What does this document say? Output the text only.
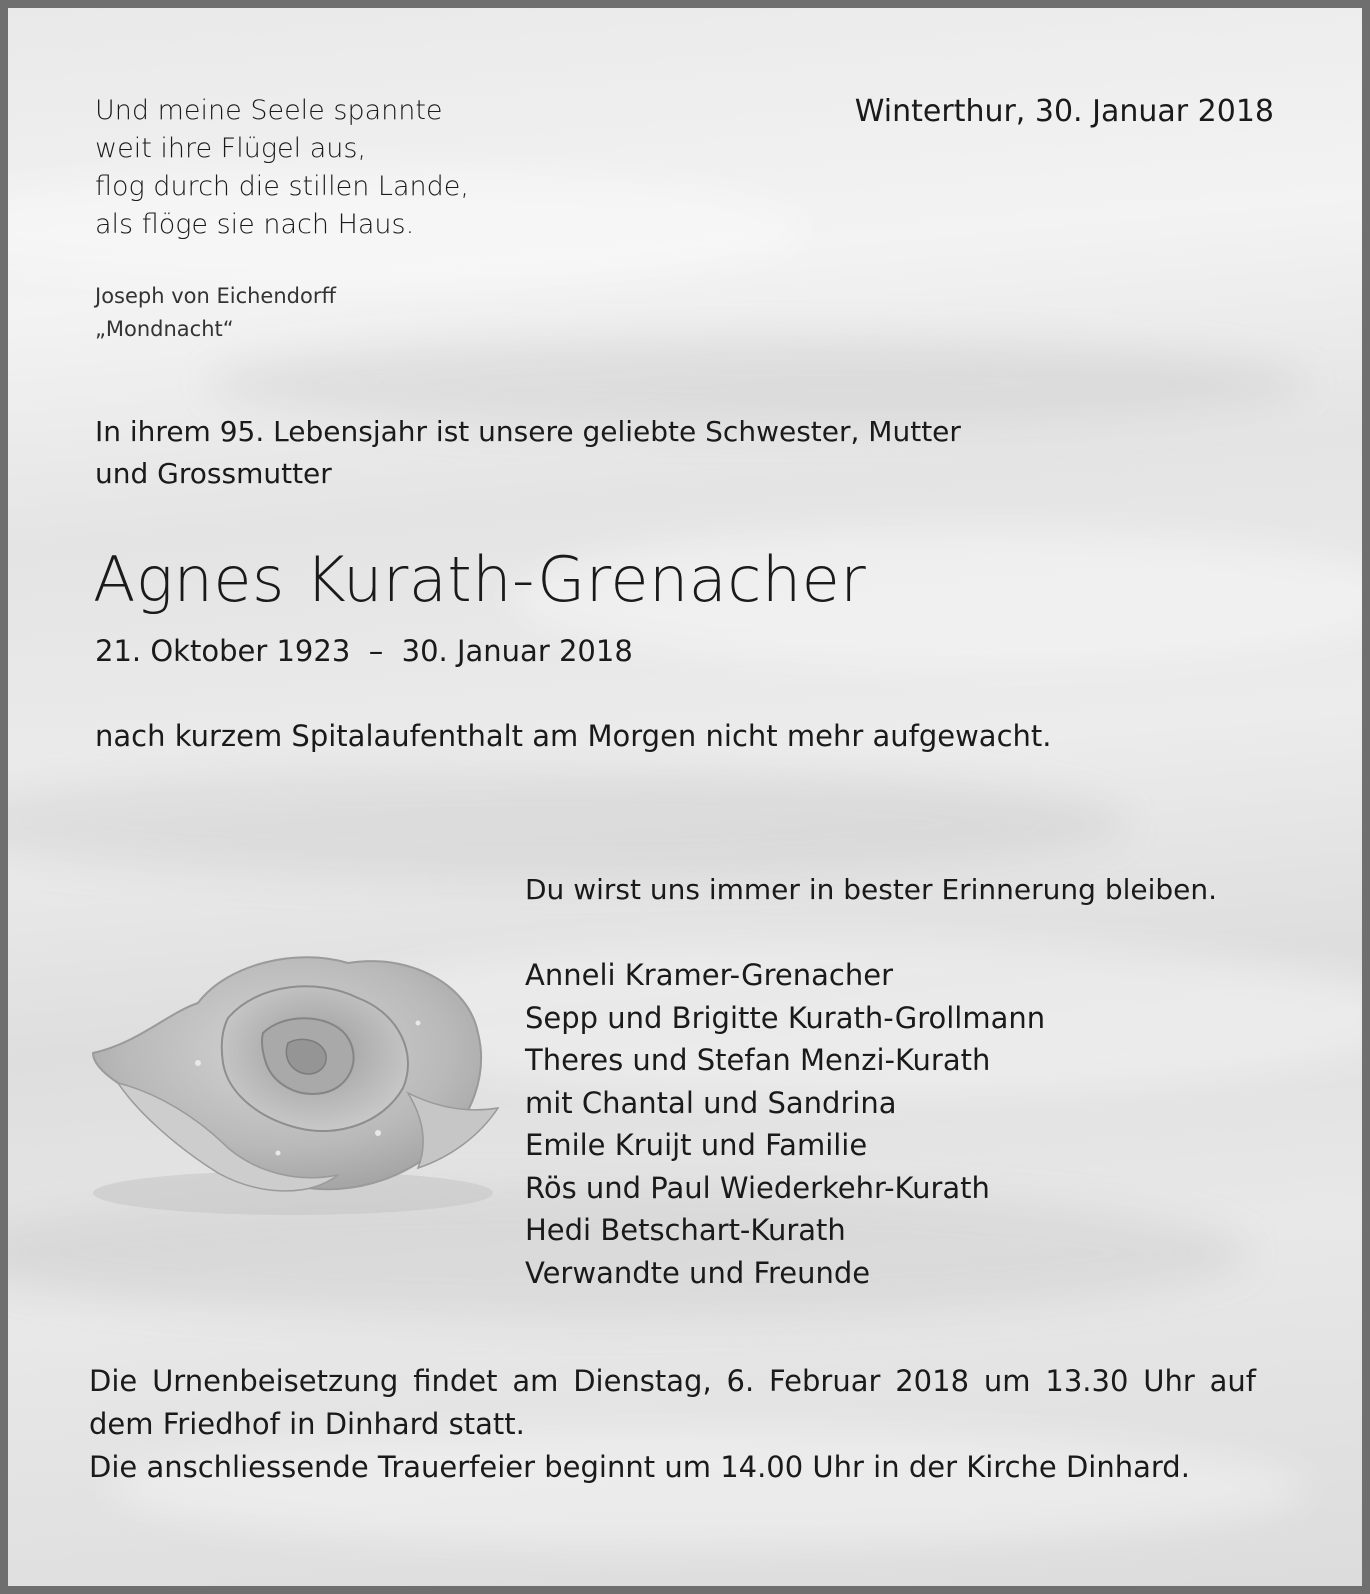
Und meine Seele spannte
weit ihre Flügel aus,
flog durch die stillen Lande,
als flöge sie nach Haus.
Joseph von Eichendorff
„Mondnacht“
Winterthur, 30. Januar 2018
In ihrem 95. Lebensjahr ist unsere geliebte Schwester, Mutter
und Grossmutter
Agnes Kurath-Grenacher
21. Oktober 1923  –  30. Januar 2018
nach kurzem Spitalaufenthalt am Morgen nicht mehr aufgewacht.
Du wirst uns immer in bester Erinnerung bleiben.
Anneli Kramer-Grenacher
Sepp und Brigitte Kurath-Grollmann
Theres und Stefan Menzi-Kurath
mit Chantal und Sandrina
Emile Kruijt und Familie
Rös und Paul Wiederkehr-Kurath
Hedi Betschart-Kurath
Verwandte und Freunde
Die Urnenbeisetzung findet am Dienstag, 6. Februar 2018 um 13.30 Uhr auf
dem Friedhof in Dinhard statt.
Die anschliessende Trauerfeier beginnt um 14.00 Uhr in der Kirche Dinhard.
